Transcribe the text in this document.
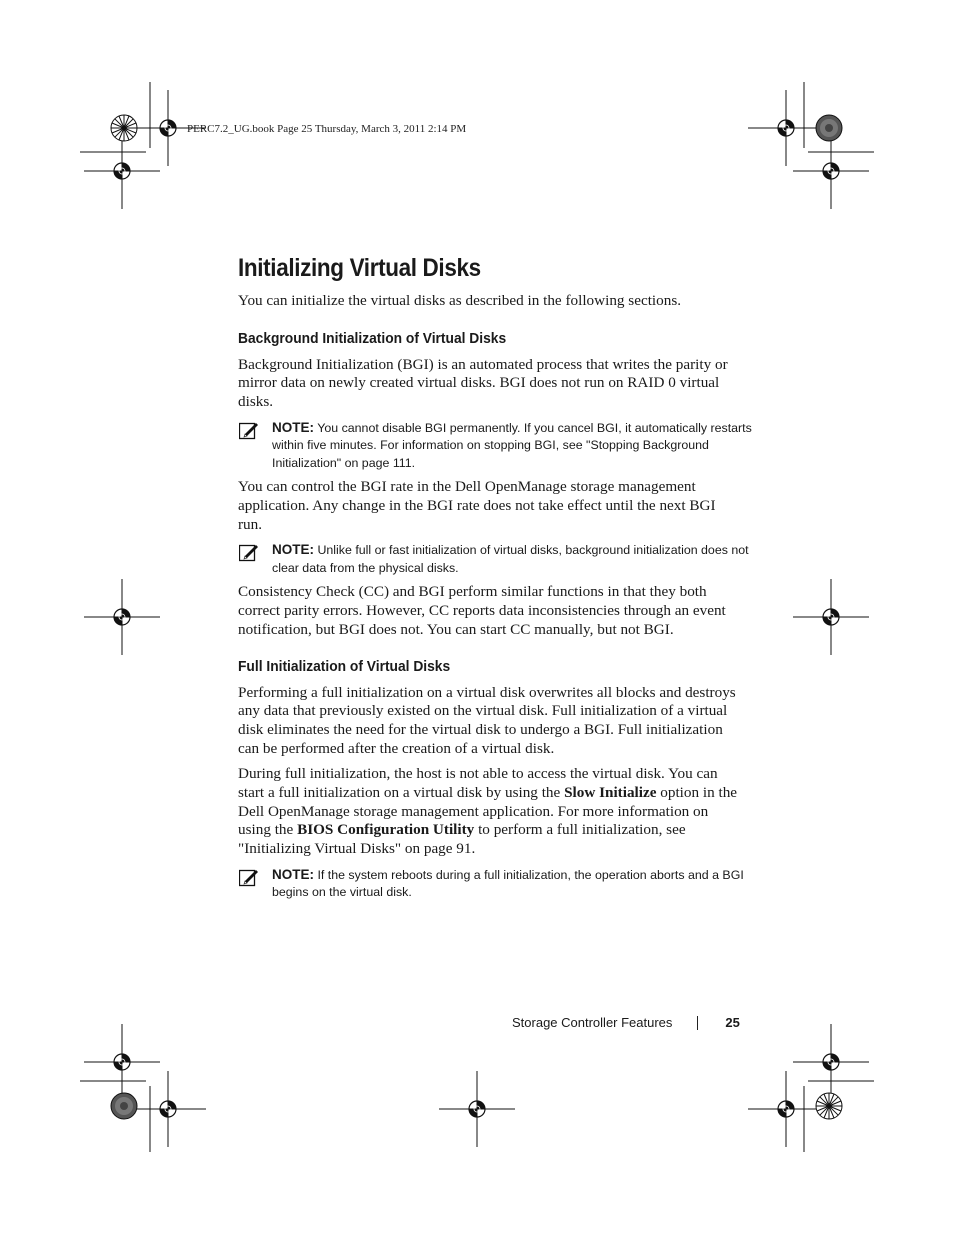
PERC7.2_UG.book Page 25 Thursday, March 3, 2011 2:14 PM
Initializing Virtual Disks

You can initialize the virtual disks as described in the following sections.

Background Initialization of Virtual Disks

Background Initialization (BGI) is an automated process that writes the parity or mirror data on newly created virtual disks. BGI does not run on RAID 0 virtual disks.

NOTE: You cannot disable BGI permanently. If you cancel BGI, it automatically restarts within five minutes. For information on stopping BGI, see "Stopping Background Initialization" on page 111.

You can control the BGI rate in the Dell OpenManage storage management application. Any change in the BGI rate does not take effect until the next BGI run.

NOTE: Unlike full or fast initialization of virtual disks, background initialization does not clear data from the physical disks.

Consistency Check (CC) and BGI perform similar functions in that they both correct parity errors. However, CC reports data inconsistencies through an event notification, but BGI does not. You can start CC manually, but not BGI.

Full Initialization of Virtual Disks

Performing a full initialization on a virtual disk overwrites all blocks and destroys any data that previously existed on the virtual disk. Full initialization of a virtual disk eliminates the need for the virtual disk to undergo a BGI. Full initialization can be performed after the creation of a virtual disk.

During full initialization, the host is not able to access the virtual disk. You can start a full initialization on a virtual disk by using the Slow Initialize option in the Dell OpenManage storage management application. For more information on using the BIOS Configuration Utility to perform a full initialization, see "Initializing Virtual Disks" on page 91.

NOTE: If the system reboots during a full initialization, the operation aborts and a BGI begins on the virtual disk.
Storage Controller Features	25
